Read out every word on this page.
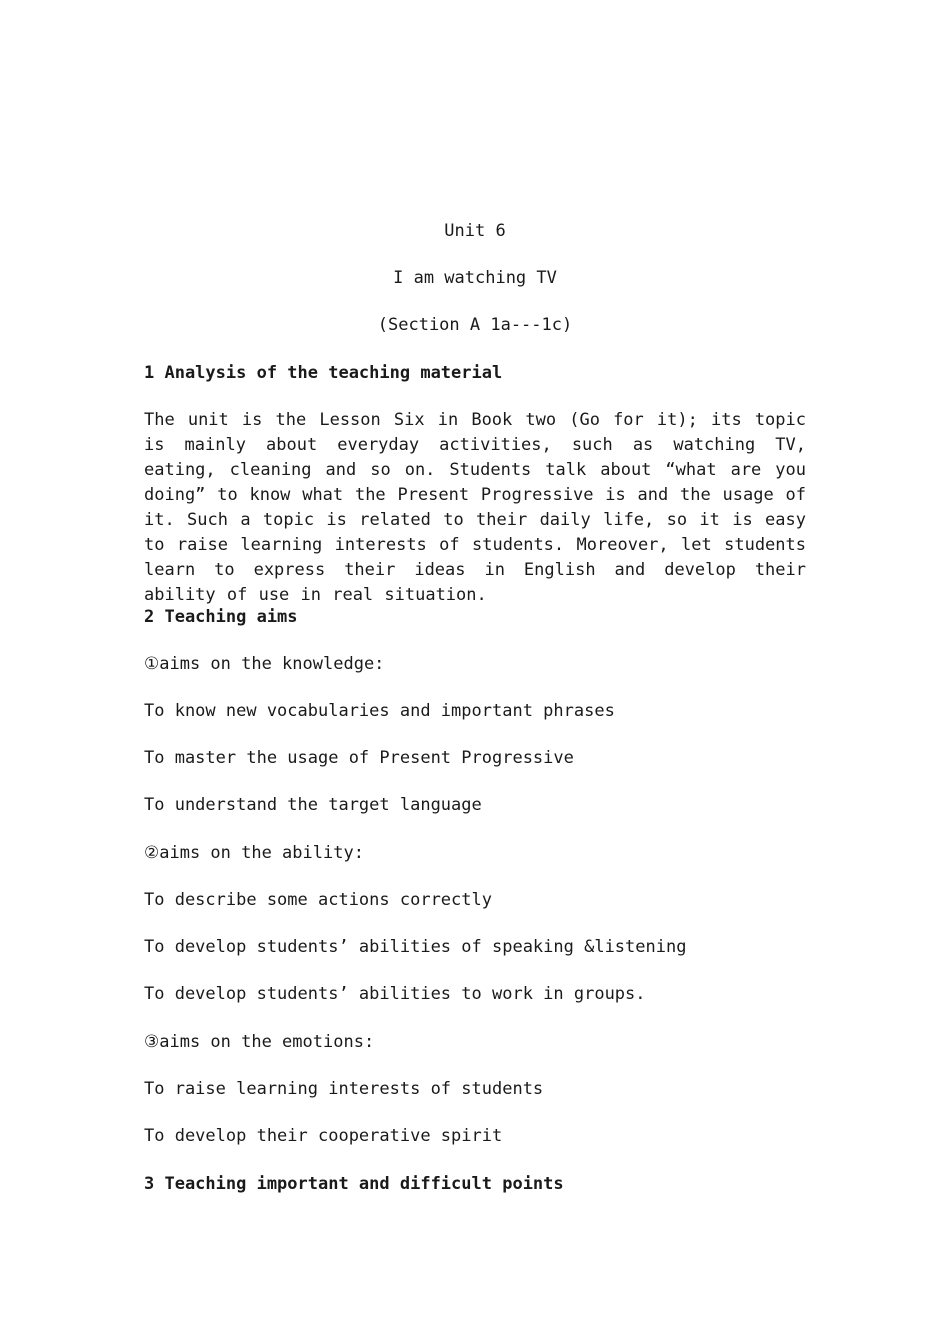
Unit 6
I am watching TV
(Section A 1a---1c)
1 Analysis of the teaching material
The unit is the Lesson Six in Book two (Go for it); its topic is mainly about everyday activities, such as watching TV, eating, cleaning and so on. Students talk about “what are you doing” to know what the Present Progressive is and the usage of it. Such a topic is related to their daily life, so it is easy to raise learning interests of students. Moreover, let students learn to express their ideas in English and develop their ability of use in real situation.
2 Teaching aims
①aims on the knowledge:
To know new vocabularies and important phrases
To master the usage of Present Progressive
To understand the target language
②aims on the ability:
To describe some actions correctly
To develop students’ abilities of speaking &listening
To develop students’ abilities to work in groups.
③aims on the emotions:
To raise learning interests of students
To develop their cooperative spirit
3 Teaching important and difficult points
